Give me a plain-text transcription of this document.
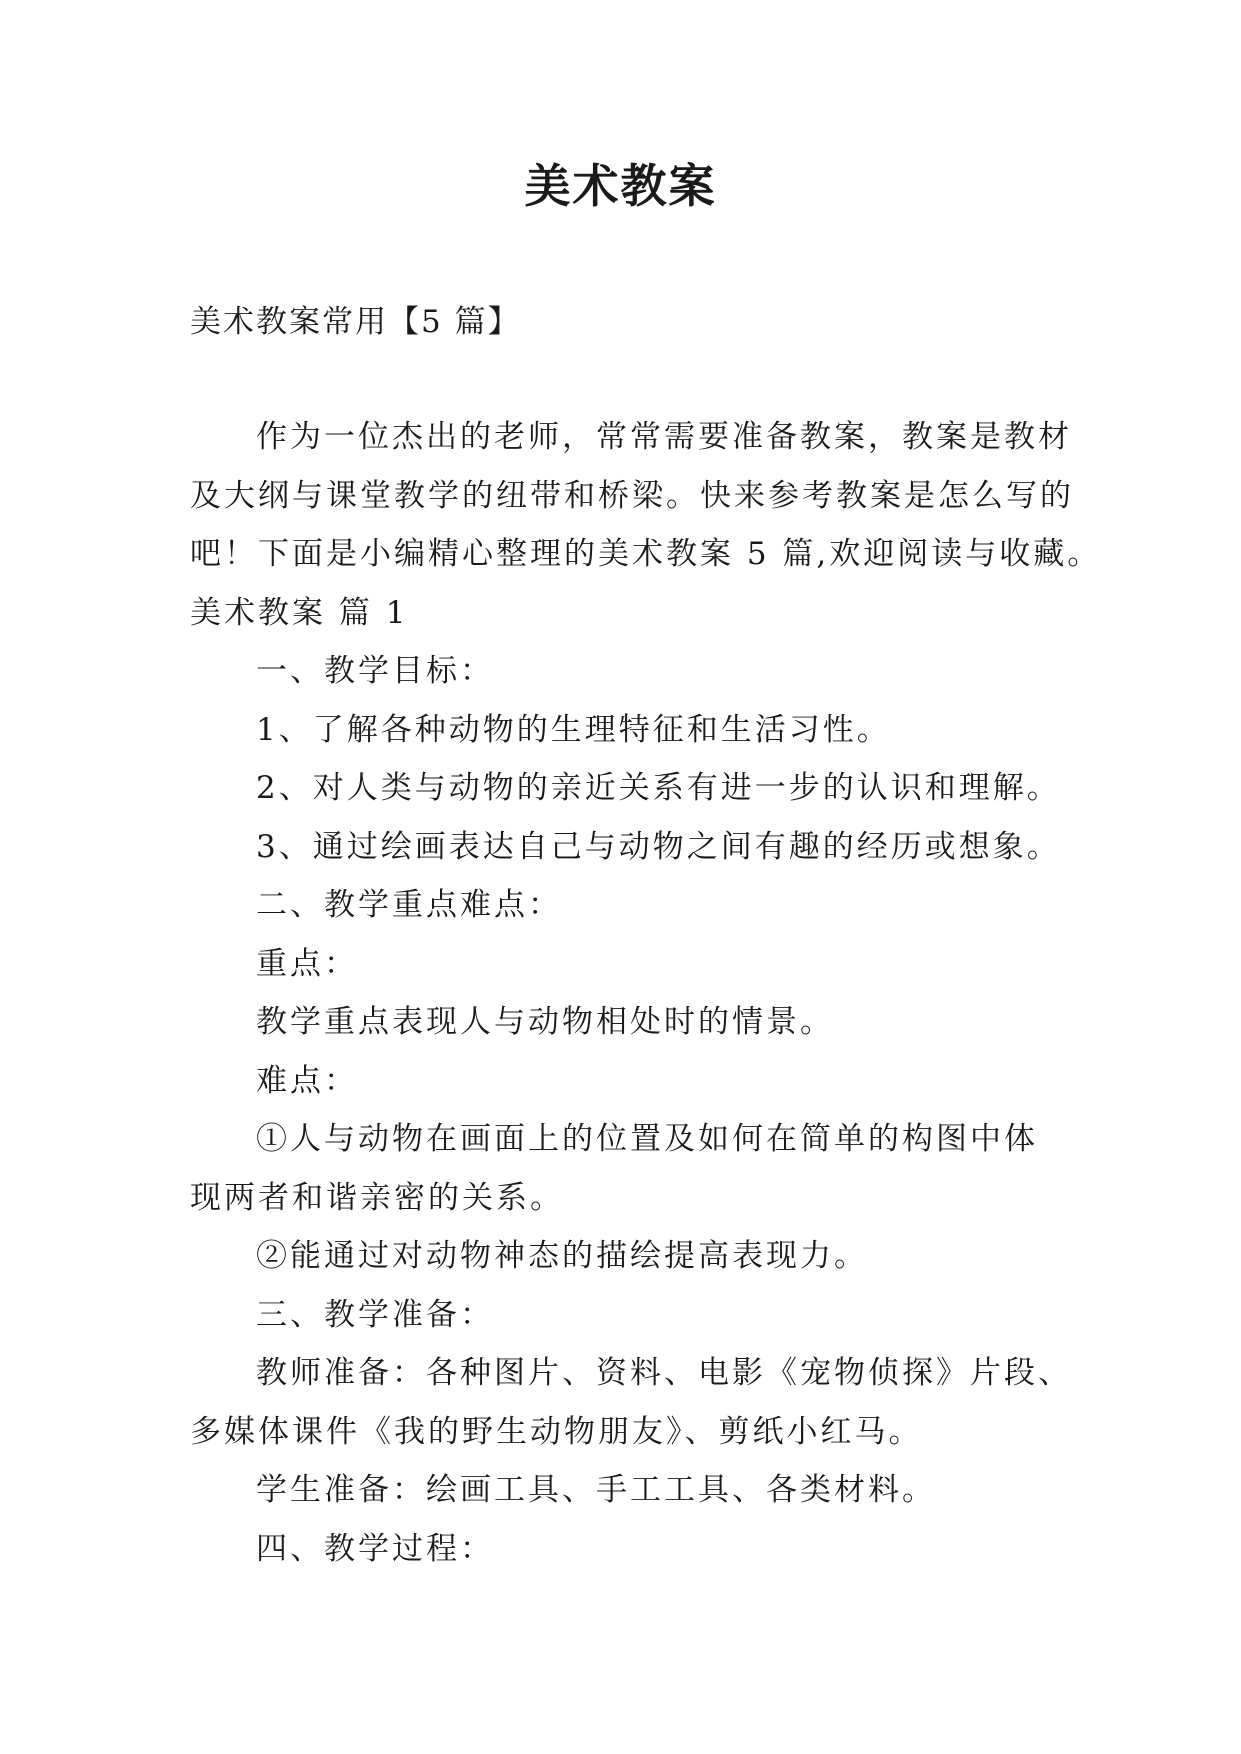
美术教案
美术教案常用【5 篇】

作为一位杰出的老师，常常需要准备教案，教案是教材

及大纲与课堂教学的纽带和桥梁。快来参考教案是怎么写的

吧！下面是小编精心整理的美术教案 5 篇,欢迎阅读与收藏。

美术教案 篇 1

一、教学目标：

1、了解各种动物的生理特征和生活习性。

2、对人类与动物的亲近关系有进一步的认识和理解。

3、通过绘画表达自己与动物之间有趣的经历或想象。

二、教学重点难点：

重点：

教学重点表现人与动物相处时的情景。

难点：

①人与动物在画面上的位置及如何在简单的构图中体

现两者和谐亲密的关系。

②能通过对动物神态的描绘提高表现力。

三、教学准备：

教师准备：各种图片、资料、电影《宠物侦探》片段、

多媒体课件《我的野生动物朋友》、剪纸小红马。

学生准备：绘画工具、手工工具、各类材料。

四、教学过程：
